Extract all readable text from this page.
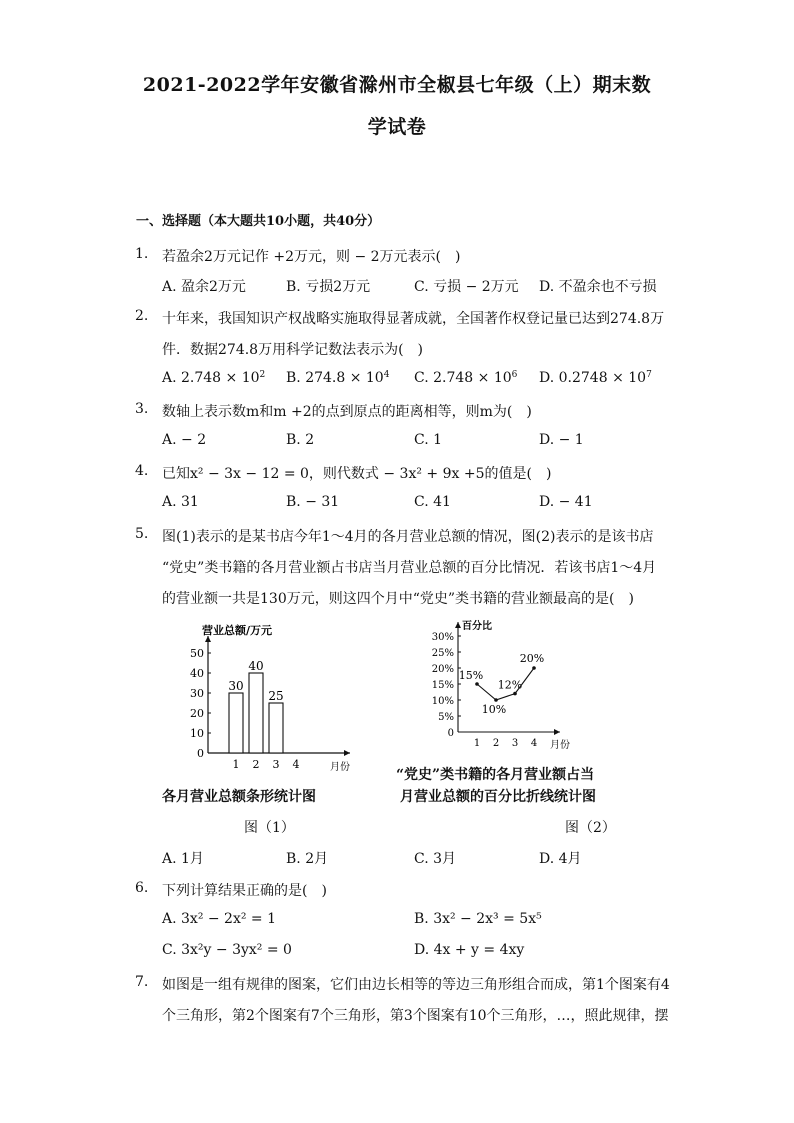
2021-2022学年安徽省滁州市全椒县七年级（上）期末数
学试卷
一、选择题（本大题共10小题，共40分）
1. 若盈余2万元记作 +2万元，则 − 2万元表示(　)
A. 盈余2万元	B. 亏损2万元	C. 亏损 − 2万元 D. 不盈余也不亏损
2. 十年来，我国知识产权战略实施取得显著成就，全国著作权登记量已达到274.8万
件．数据274.8万用科学记数法表示为(　)
A. $2.748 \times 10^2$ B. $274.8 \times 10^4$ C. $2.748 \times 10^6$ D. $0.2748 \times 10^7$
3. 数轴上表示数m和m +2的点到原点的距离相等，则m为(　)
A. − 2	B. 2	C. 1	D. − 1
4. 已知x² − 3x − 12 = 0，则代数式 − 3x² + 9x +5的值是(　)
A. 31	B. − 31	C. 41	D. − 41
5. 图(1)表示的是某书店今年1～4月的各月营业总额的情况，图(2)表示的是该书店
“党史”类书籍的各月营业额占书店当月营业总额的百分比情况．若该书店1～4月
的营业额一共是130万元，则这四个月中“党史”类书籍的营业额最高的是(　)
营业总额/万元
月份
0
10
20
30
40
50
30
1
40
2
25
3 4
百分比
月份
0
5%
10%
15%
20%
25%
30%
15%
1
10%
2
12%
3
20%
4
各月营业总额条形统计图
“党史”类书籍的各月营业额占当
月营业总额的百分比折线统计图
图（1）	图（2）
A. 1月	B. 2月	C. 3月	D. 4月
6. 下列计算结果正确的是(　)
A. 3x² − 2x² = 1	B. 3x² − 2x³ = 5x⁵
C. 3x²y − 3yx² = 0	D. 4x + y = 4xy
7. 如图是一组有规律的图案，它们由边长相等的等边三角形组合而成，第1个图案有4
个三角形，第2个图案有7个三角形，第3个图案有10个三角形，…，照此规律，摆
